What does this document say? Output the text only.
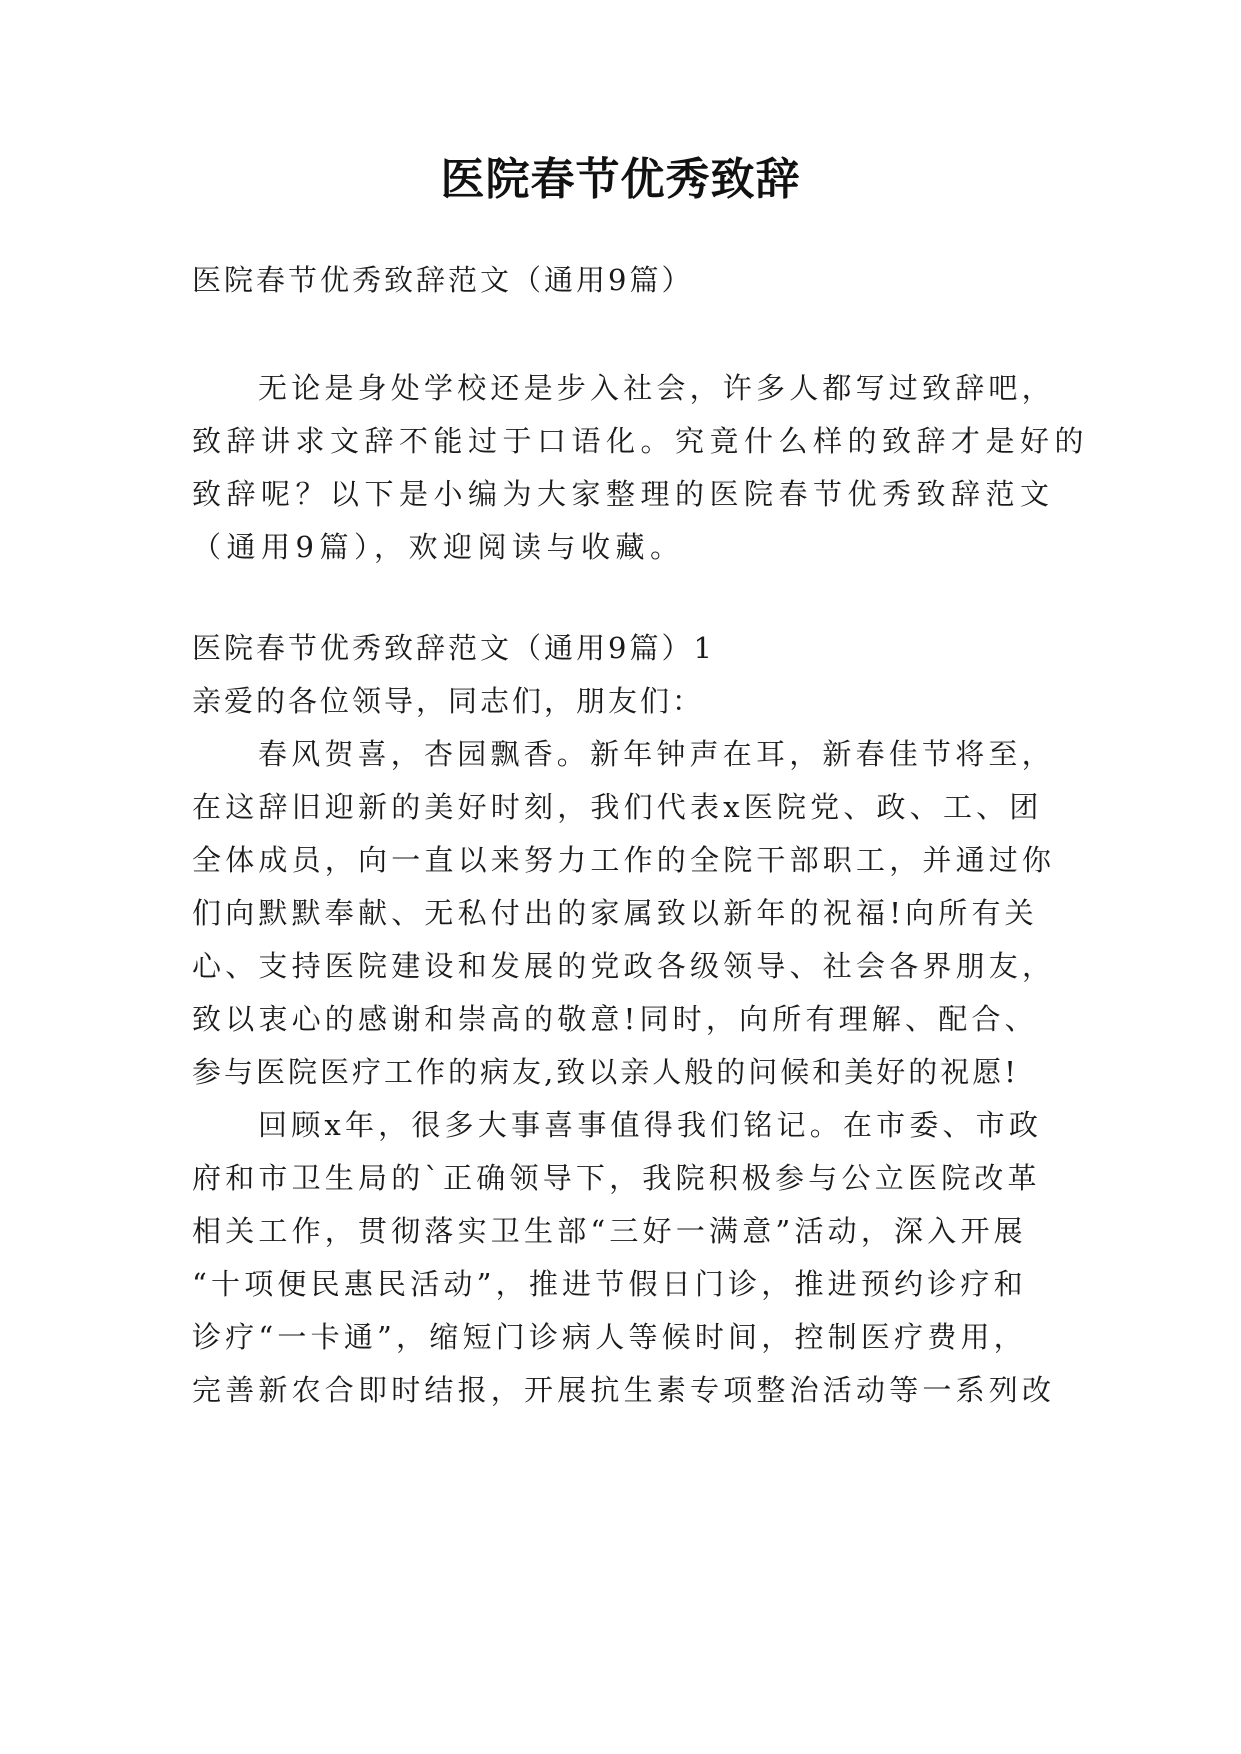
医院春节优秀致辞
医院春节优秀致辞范文（通用9篇）
无论是身处学校还是步入社会，许多人都写过致辞吧，
致辞讲求文辞不能过于口语化。究竟什么样的致辞才是好的
致辞呢？以下是小编为大家整理的医院春节优秀致辞范文
（通用9篇），欢迎阅读与收藏。
医院春节优秀致辞范文（通用9篇）1
亲爱的各位领导，同志们，朋友们：
春风贺喜，杏园飘香。新年钟声在耳，新春佳节将至，
在这辞旧迎新的美好时刻，我们代表x医院党、政、工、团
全体成员，向一直以来努力工作的全院干部职工，并通过你
们向默默奉献、无私付出的家属致以新年的祝福!向所有关
心、支持医院建设和发展的党政各级领导、社会各界朋友，
致以衷心的感谢和崇高的敬意!同时，向所有理解、配合、
参与医院医疗工作的病友,致以亲人般的问候和美好的祝愿!
回顾x年，很多大事喜事值得我们铭记。在市委、市政
府和市卫生局的`正确领导下，我院积极参与公立医院改革
相关工作，贯彻落实卫生部“三好一满意”活动，深入开展
“十项便民惠民活动”，推进节假日门诊，推进预约诊疗和
诊疗“一卡通”，缩短门诊病人等候时间，控制医疗费用，
完善新农合即时结报，开展抗生素专项整治活动等一系列改
